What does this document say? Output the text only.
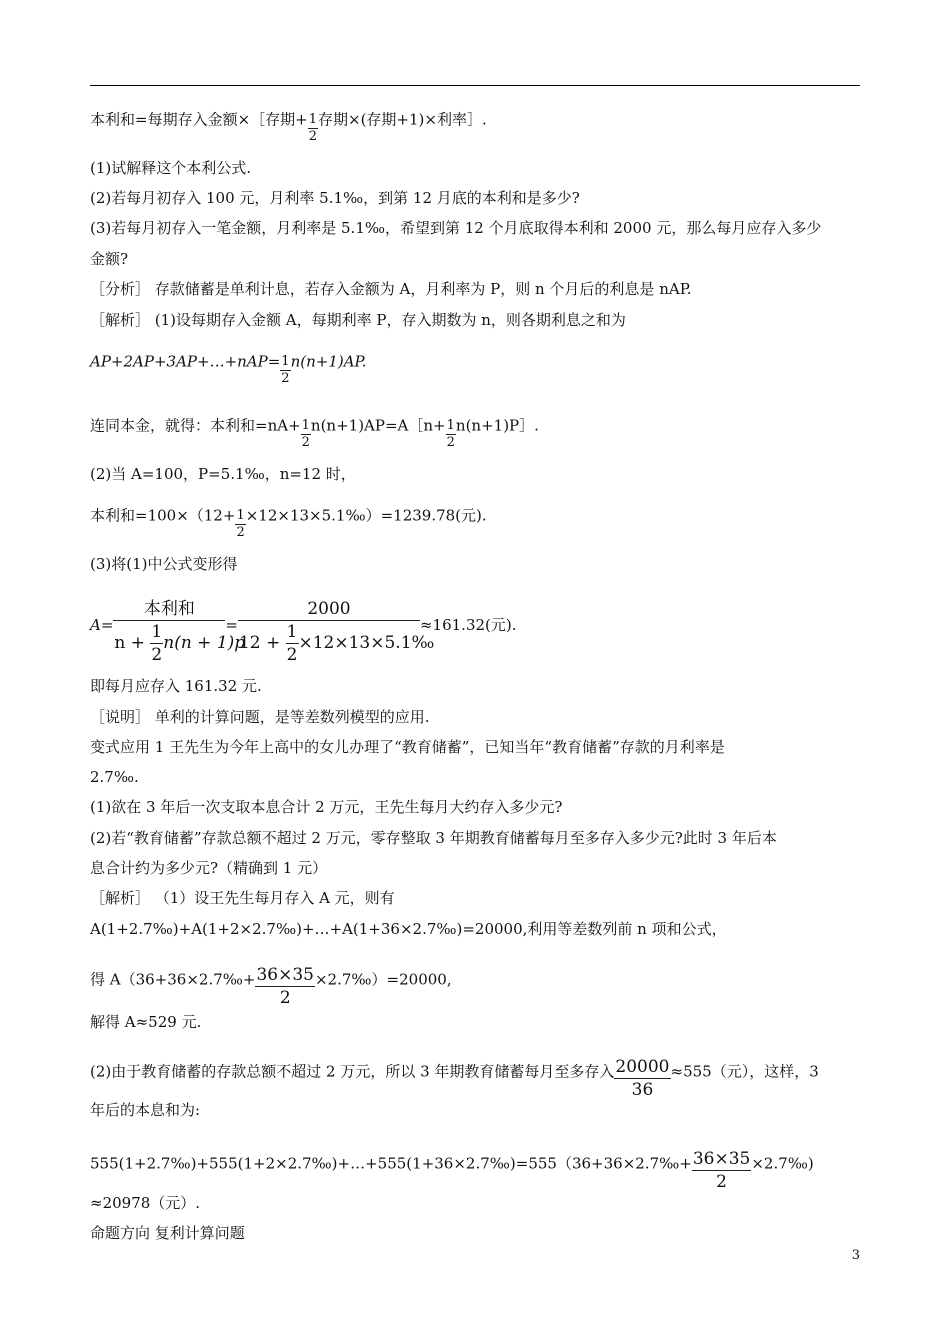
本利和=每期存入金额×［存期+ $\frac{1}{2}$ 存期×(存期+1)×利率］.
(1)试解释这个本利公式.
(2)若每月初存入 100 元，月利率 5.1‰，到第 12 月底的本利和是多少?
(3)若每月初存入一笔金额，月利率是 5.1‰，希望到第 12 个月底取得本利和 2000 元，那么每月应存入多少
金额?
［分析］ 存款储蓄是单利计息，若存入金额为 A，月利率为 P，则 n 个月后的利息是 nAP.
［解析］ (1)设每期存入金额 A，每期利率 P，存入期数为 n，则各期利息之和为
AP+2AP+3AP+…+nAP= $\frac{1}{2} n(n+1)AP$.
连同本金，就得：本利和$=nA+ \frac{1}{2}$ n(n+1)AP=A［n+ $\frac{1}{2}$ n(n+1)P］.
(2)当 A=100，P=5.1‰，n=12 时，
本利和$=100\times(12+ \frac{1}{2}$ ×12×13×5.1‰）=1239.78(元).
(3)将(1)中公式变形得
$A= \frac{\text{本利和}}{n + \frac{1}{2} n(n + 1)p} = \frac{2000}{12 + \frac{1}{2} \times 12\times 13\times 5.1‰} \approx 161.32$(元).
即每月应存入 161.32 元.
［说明］ 单利的计算问题，是等差数列模型的应用.
变式应用 1 王先生为今年上高中的女儿办理了“教育储蓄”，已知当年“教育储蓄”存款的月利率是
2.7‰.
(1)欲在 3 年后一次支取本息合计 2 万元，王先生每月大约存入多少元?
(2)若“教育储蓄”存款总额不超过 2 万元，零存整取 3 年期教育储蓄每月至多存入多少元?此时 3 年后本
息合计约为多少元?（精确到 1 元）
［解析］ （1）设王先生每月存入 A 元，则有
A(1+2.7‰)+A(1+2×2.7‰)+…+A(1+36×2.7‰)=20000,利用等差数列前 n 项和公式，
得 A（36+36×2.7‰+ $\frac{36\times 35}{2}$ ×2.7‰）=20000,
解得 A≈529 元.
(2)由于教育储蓄的存款总额不超过 2 万元，所以 3 年期教育储蓄每月至多存入 $\frac{20000}{36} \approx 555$（元），这样，3
年后的本息和为:
555(1+2.7‰)+555(1+2×2.7‰)+…+555(1+36×2.7‰)=555（36+36×2.7‰+ $\frac{36\times 35}{2}$ ×2.7‰)
≈20978（元）.
命题方向 复利计算问题
3
